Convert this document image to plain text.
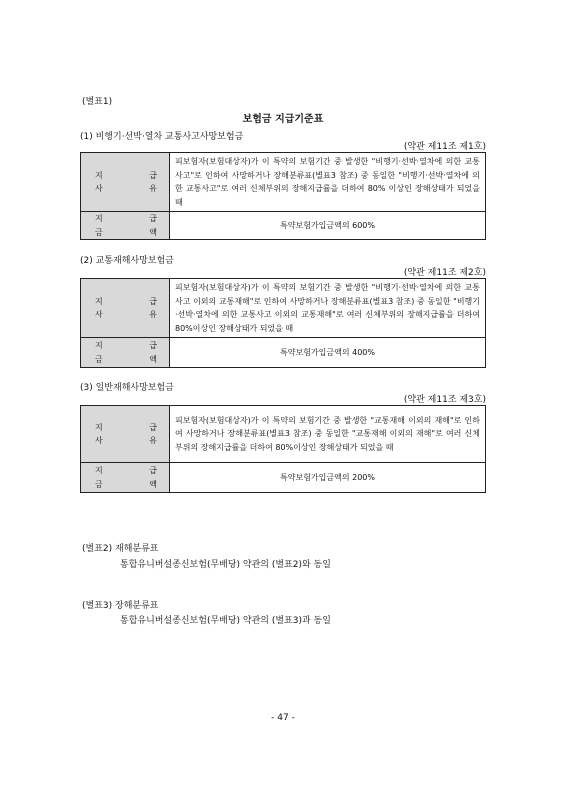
(별표1)
보험금 지급기준표
(1) 비행기·선박·열차 교통사고사망보험금
(약관 제11조 제1호)
지 급
사 유	피보험자(보험대상자)가 이 특약의 보험기간 중 발생한 "비행기·선박·열차에 의한 교통사고"로 인하여 사망하거나 장해분류표(별표3 참조) 중 동일한 "비행기·선박·열차에 의한 교통사고"로 여러 신체부위의 장해지급률을 더하여 80% 이상인 장해상태가 되었을 때

지 급
금 액	특약보험가입금액의 600%
(2) 교통재해사망보험금
(약관 제11조 제2호)
지 급
사 유	피보험자(보험대상자)가 이 특약의 보험기간 중 발생한 "비행기·선박·열차에 의한 교통사고 이외의 교통재해"로 인하여 사망하거나 장해분류표(별표3 참조) 중 동일한 "비행기·선박·열차에 의한 교통사고 이외의 교통재해"로 여러 신체부위의 장해지급률을 더하여 80%이상인 장해상태가 되었을 때

지 급
금 액	특약보험가입금액의 400%
(3) 일반재해사망보험금
(약관 제11조 제3호)
지 급
사 유	피보험자(보험대상자)가 이 특약의 보험기간 중 발생한 "교통재해 이외의 재해"로 인하여 사망하거나 장해분류표(별표3 참조) 중 동일한 "교통재해 이외의 재해"로 여러 신체부위의 장해지급률을 더하여 80%이상인 장해상태가 되었을 때

지 급
금 액	특약보험가입금액의 200%
(별표2) 재해분류표
통합유니버설종신보험(무배당) 약관의 (별표2)와 동일
(별표3) 장해분류표
통합유니버설종신보험(무배당) 약관의 (별표3)과 동일
- 47 -
